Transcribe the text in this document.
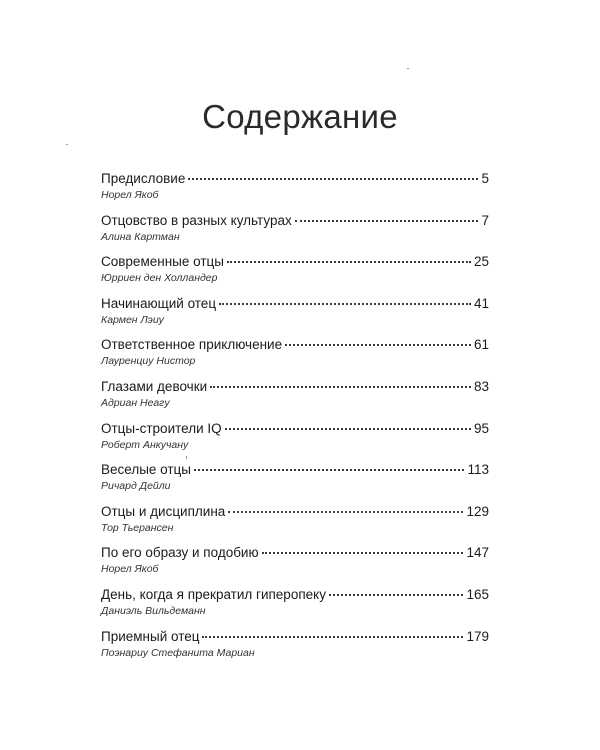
Содержание
Предисловие	5
Норел Якоб
Отцовство в разных культурах	7
Алина Картман
Современные отцы	25
Юрриен ден Холландер
Начинающий отец	41
Кармен Лэиу
Ответственное приключение	61
Лауренциу Нистор
Глазами девочки	83
Адриан Неагу
Отцы-строители IQ	95
Роберт Анкучану
Веселые отцы	113
Ричард Дейли
Отцы и дисциплина	129
Тор Тьерансен
По его образу и подобию	147
Норел Якоб
День, когда я прекратил гиперопеку	165
Даниэль Вильдеманн
Приемный отец	179
Поэнариу Стефанита Мариан
